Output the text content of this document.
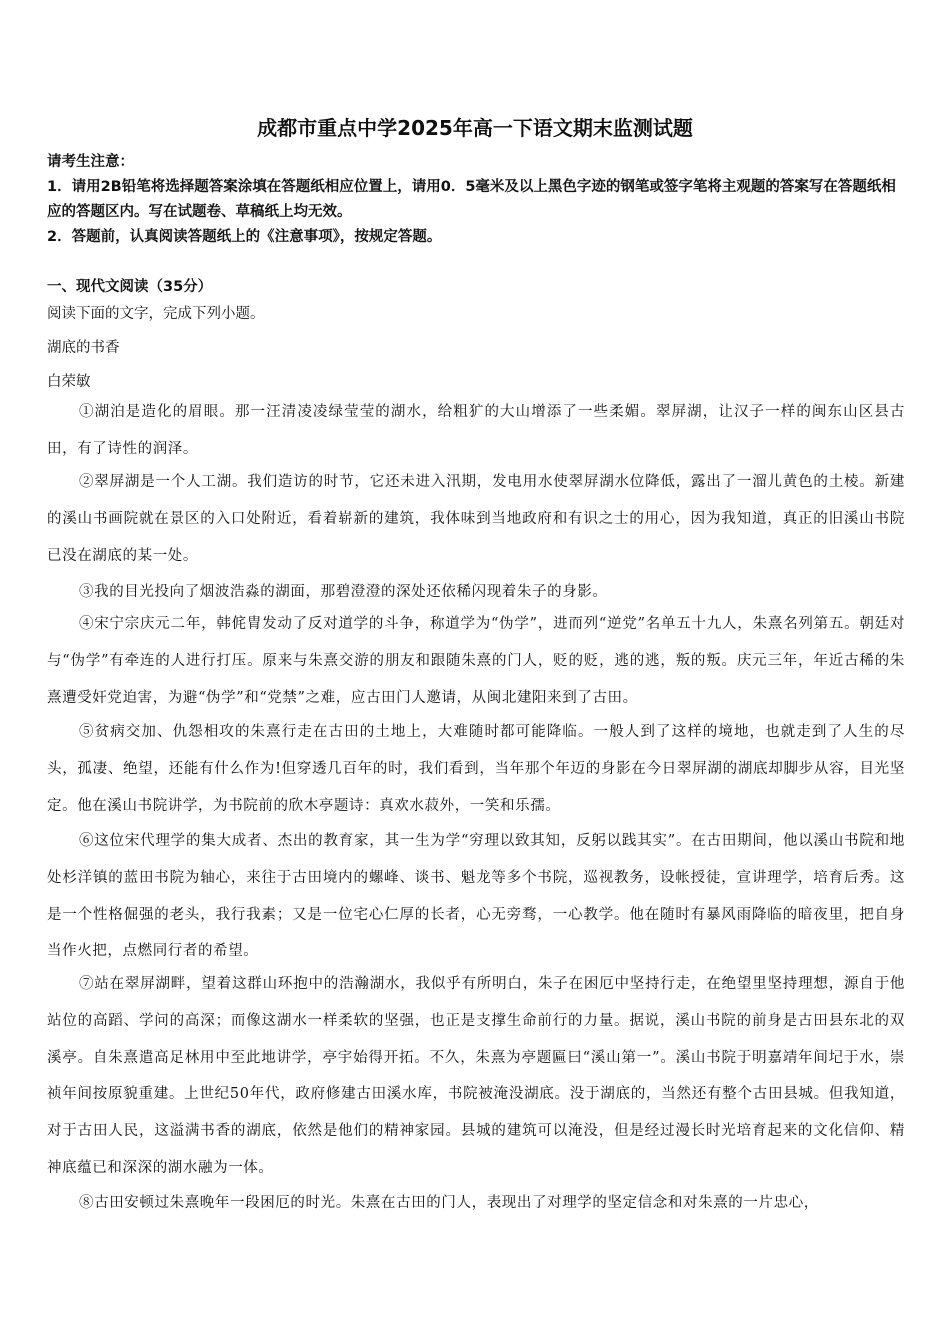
成都市重点中学2025年高一下语文期末监测试题
请考生注意：
1．请用2B铅笔将选择题答案涂填在答题纸相应位置上，请用0．5毫米及以上黑色字迹的钢笔或签字笔将主观题的答案写在答题纸相应的答题区内。写在试题卷、草稿纸上均无效。
2．答题前，认真阅读答题纸上的《注意事项》，按规定答题。
一、现代文阅读（35分）
阅读下面的文字，完成下列小题。
湖底的书香
白荣敏

①湖泊是造化的眉眼。那一汪清凌凌绿莹莹的湖水，给粗犷的大山增添了一些柔媚。翠屏湖，让汉子一样的闽东山区县古田，有了诗性的润泽。

②翠屏湖是一个人工湖。我们造访的时节，它还未进入汛期，发电用水使翠屏湖水位降低，露出了一溜儿黄色的土棱。新建的溪山书画院就在景区的入口处附近，看着崭新的建筑，我体味到当地政府和有识之士的用心，因为我知道，真正的旧溪山书院已没在湖底的某一处。

③我的目光投向了烟波浩淼的湖面，那碧澄澄的深处还依稀闪现着朱子的身影。

④宋宁宗庆元二年，韩侂胄发动了反对道学的斗争，称道学为“伪学”，进而列“逆党”名单五十九人，朱熹名列第五。朝廷对与“伪学”有牵连的人进行打压。原来与朱熹交游的朋友和跟随朱熹的门人，贬的贬，逃的逃，叛的叛。庆元三年，年近古稀的朱熹遭受奸党迫害，为避“伪学”和“党禁”之难，应古田门人邀请，从闽北建阳来到了古田。

⑤贫病交加、仇怨相攻的朱熹行走在古田的土地上，大难随时都可能降临。一般人到了这样的境地，也就走到了人生的尽头，孤凄、绝望，还能有什么作为!但穿透几百年的时，我们看到，当年那个年迈的身影在今日翠屏湖的湖底却脚步从容，目光坚定。他在溪山书院讲学，为书院前的欣木亭题诗：真欢水菽外，一笑和乐孺。

⑥这位宋代理学的集大成者、杰出的教育家，其一生为学“穷理以致其知，反躬以践其实”。在古田期间，他以溪山书院和地处杉洋镇的蓝田书院为轴心，来往于古田境内的螺峰、谈书、魁龙等多个书院，巡视教务，设帐授徒，宣讲理学，培育后秀。这是一个性格倔强的老头，我行我素；又是一位宅心仁厚的长者，心无旁骛，一心教学。他在随时有暴风雨降临的暗夜里，把自身当作火把，点燃同行者的希望。

⑦站在翠屏湖畔，望着这群山环抱中的浩瀚湖水，我似乎有所明白，朱子在困厄中坚持行走，在绝望里坚持理想，源自于他站位的高蹈、学问的高深；而像这湖水一样柔软的坚强，也正是支撑生命前行的力量。据说，溪山书院的前身是古田县东北的双溪亭。自朱熹遣高足林用中至此地讲学，亭宇始得开拓。不久，朱熹为亭题匾曰“溪山第一”。溪山书院于明嘉靖年间圮于水，崇祯年间按原貌重建。上世纪50年代，政府修建古田溪水库，书院被淹没湖底。没于湖底的，当然还有整个古田县城。但我知道，对于古田人民，这溢满书香的湖底，依然是他们的精神家园。县城的建筑可以淹没，但是经过漫长时光培育起来的文化信仰、精神底蕴已和深深的湖水融为一体。

⑧古田安顿过朱熹晚年一段困厄的时光。朱熹在古田的门人，表现出了对理学的坚定信念和对朱熹的一片忠心，
